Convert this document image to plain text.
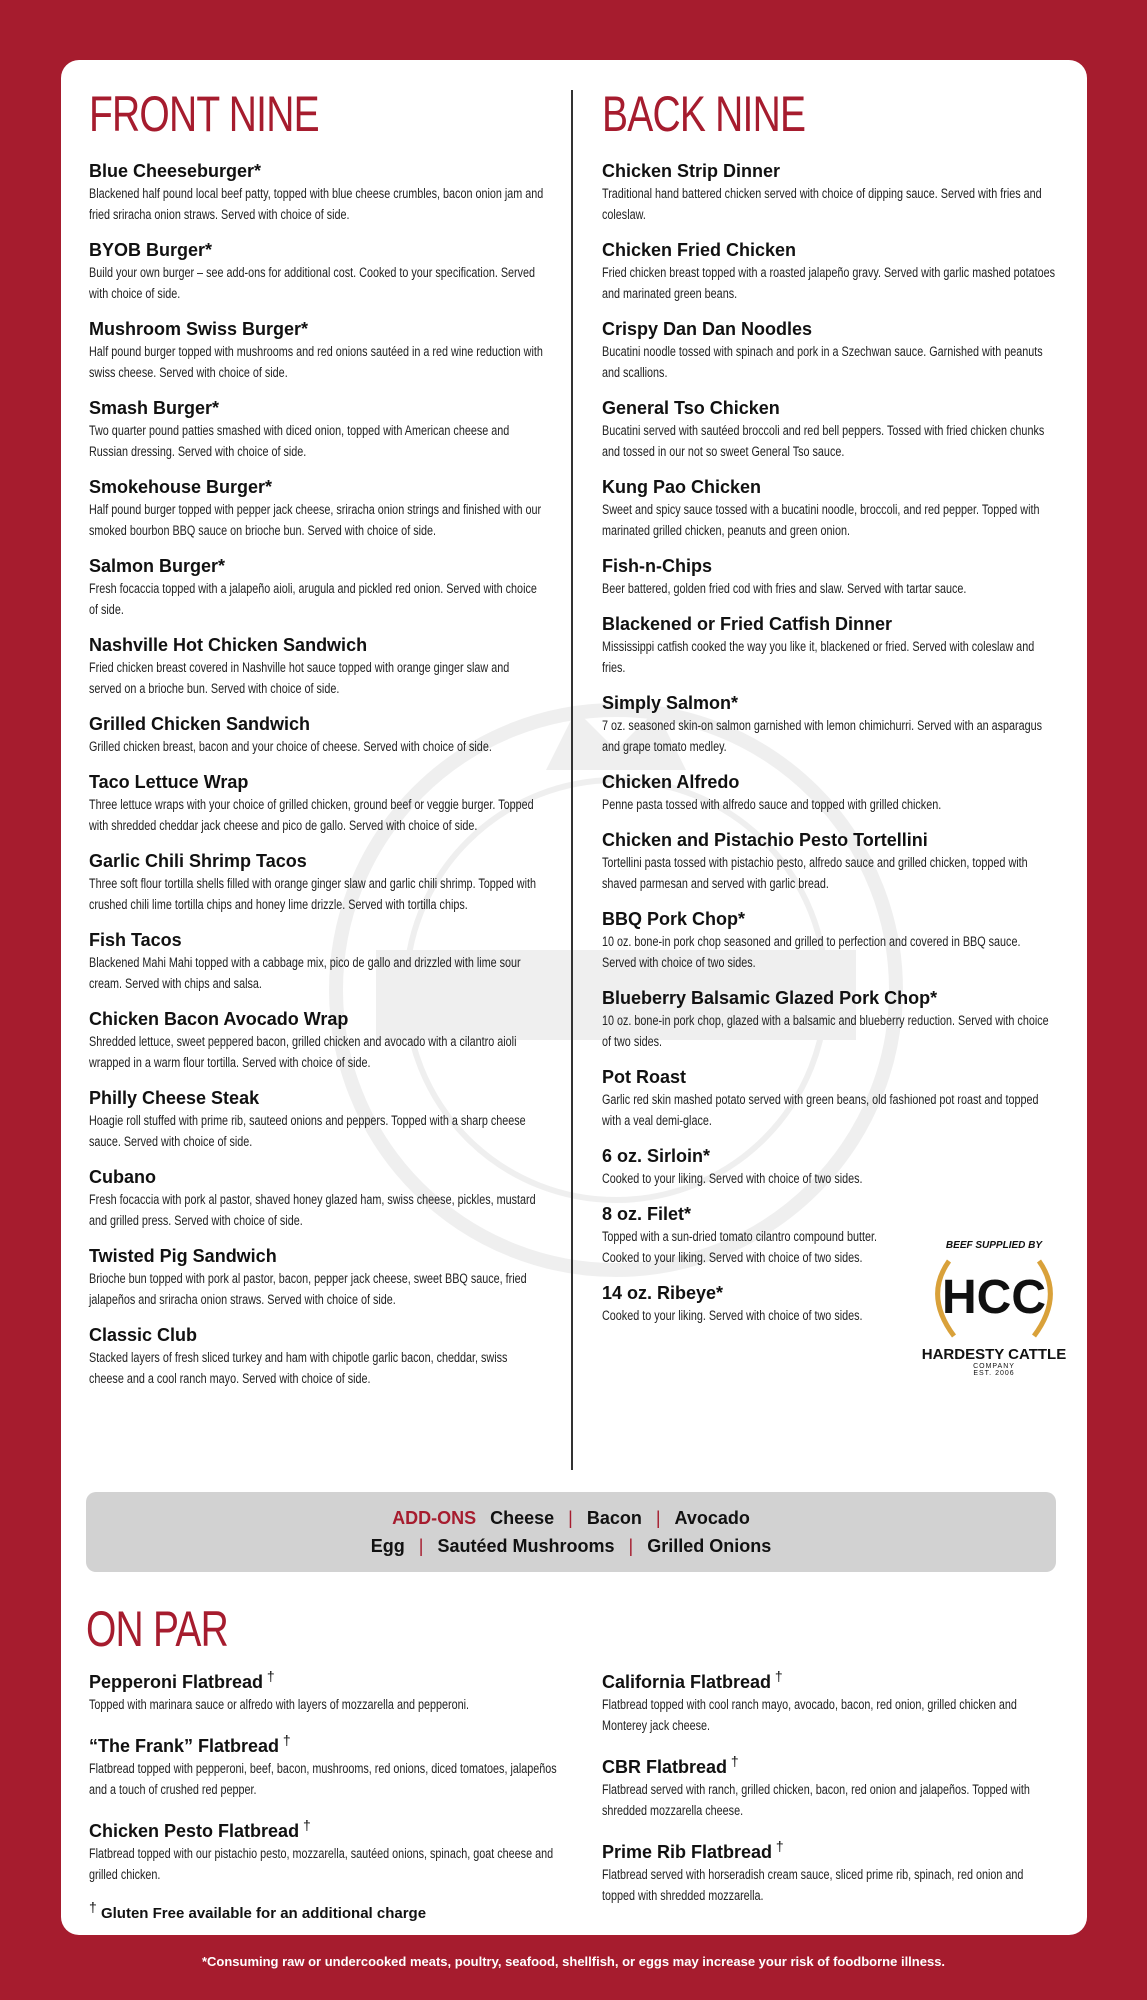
FRONT NINE
Blue Cheeseburger*
Blackened half pound local beef patty, topped with blue cheese crumbles, bacon onion jam and fried sriracha onion straws. Served with choice of side.
BYOB Burger*
Build your own burger – see add-ons for additional cost. Cooked to your specification. Served with choice of side.
Mushroom Swiss Burger*
Half pound burger topped with mushrooms and red onions sautéed in a red wine reduction with swiss cheese. Served with choice of side.
Smash Burger*
Two quarter pound patties smashed with diced onion, topped with American cheese and Russian dressing. Served with choice of side.
Smokehouse Burger*
Half pound burger topped with pepper jack cheese, sriracha onion strings and finished with our smoked bourbon BBQ sauce on brioche bun. Served with choice of side.
Salmon Burger*
Fresh focaccia topped with a jalapeño aioli, arugula and pickled red onion. Served with choice of side.
Nashville Hot Chicken Sandwich
Fried chicken breast covered in Nashville hot sauce topped with orange ginger slaw and served on a brioche bun. Served with choice of side.
Grilled Chicken Sandwich
Grilled chicken breast, bacon and your choice of cheese. Served with choice of side.
Taco Lettuce Wrap
Three lettuce wraps with your choice of grilled chicken, ground beef or veggie burger. Topped with shredded cheddar jack cheese and pico de gallo. Served with choice of side.
Garlic Chili Shrimp Tacos
Three soft flour tortilla shells filled with orange ginger slaw and garlic chili shrimp. Topped with crushed chili lime tortilla chips and honey lime drizzle. Served with tortilla chips.
Fish Tacos
Blackened Mahi Mahi topped with a cabbage mix, pico de gallo and drizzled with lime sour cream. Served with chips and salsa.
Chicken Bacon Avocado Wrap
Shredded lettuce, sweet peppered bacon, grilled chicken and avocado with a cilantro aioli wrapped in a warm flour tortilla. Served with choice of side.
Philly Cheese Steak
Hoagie roll stuffed with prime rib, sauteed onions and peppers. Topped with a sharp cheese sauce. Served with choice of side.
Cubano
Fresh focaccia with pork al pastor, shaved honey glazed ham, swiss cheese, pickles, mustard and grilled press. Served with choice of side.
Twisted Pig Sandwich
Brioche bun topped with pork al pastor, bacon, pepper jack cheese, sweet BBQ sauce, fried jalapeños and sriracha onion straws. Served with choice of side.
Classic Club
Stacked layers of fresh sliced turkey and ham with chipotle garlic bacon, cheddar, swiss cheese and a cool ranch mayo. Served with choice of side.
BACK NINE
Chicken Strip Dinner
Traditional hand battered chicken served with choice of dipping sauce. Served with fries and coleslaw.
Chicken Fried Chicken
Fried chicken breast topped with a roasted jalapeño gravy. Served with garlic mashed potatoes and marinated green beans.
Crispy Dan Dan Noodles
Bucatini noodle tossed with spinach and pork in a Szechwan sauce. Garnished with peanuts and scallions.
General Tso Chicken
Bucatini served with sautéed broccoli and red bell peppers. Tossed with fried chicken chunks and tossed in our not so sweet General Tso sauce.
Kung Pao Chicken
Sweet and spicy sauce tossed with a bucatini noodle, broccoli, and red pepper. Topped with marinated grilled chicken, peanuts and green onion.
Fish-n-Chips
Beer battered, golden fried cod with fries and slaw. Served with tartar sauce.
Blackened or Fried Catfish Dinner
Mississippi catfish cooked the way you like it, blackened or fried. Served with coleslaw and fries.
Simply Salmon*
7 oz. seasoned skin-on salmon garnished with lemon chimichurri. Served with an asparagus and grape tomato medley.
Chicken Alfredo
Penne pasta tossed with alfredo sauce and topped with grilled chicken.
Chicken and Pistachio Pesto Tortellini
Tortellini pasta tossed with pistachio pesto, alfredo sauce and grilled chicken, topped with shaved parmesan and served with garlic bread.
BBQ Pork Chop*
10 oz. bone-in pork chop seasoned and grilled to perfection and covered in BBQ sauce. Served with choice of two sides.
Blueberry Balsamic Glazed Pork Chop*
10 oz. bone-in pork chop, glazed with a balsamic and blueberry reduction. Served with choice of two sides.
Pot Roast
Garlic red skin mashed potato served with green beans, old fashioned pot roast and topped with a veal demi-glace.
6 oz. Sirloin*
Cooked to your liking. Served with choice of two sides.
8 oz. Filet*
Topped with a sun-dried tomato cilantro compound butter. Cooked to your liking. Served with choice of two sides.
14 oz. Ribeye*
Cooked to your liking. Served with choice of two sides.
BEEF SUPPLIED BY
HCC
HARDESTY CATTLE
COMPANY
EST. 2006
ADD-ONS Cheese | Bacon | Avocado
Egg | Sautéed Mushrooms | Grilled Onions
ON PAR
Pepperoni Flatbread †
Topped with marinara sauce or alfredo with layers of mozzarella and pepperoni.
“The Frank” Flatbread †
Flatbread topped with pepperoni, beef, bacon, mushrooms, red onions, diced tomatoes, jalapeños and a touch of crushed red pepper.
Chicken Pesto Flatbread †
Flatbread topped with our pistachio pesto, mozzarella, sautéed onions, spinach, goat cheese and grilled chicken.
† Gluten Free available for an additional charge
California Flatbread †
Flatbread topped with cool ranch mayo, avocado, bacon, red onion, grilled chicken and Monterey jack cheese.
CBR Flatbread †
Flatbread served with ranch, grilled chicken, bacon, red onion and jalapeños. Topped with shredded mozzarella cheese.
Prime Rib Flatbread †
Flatbread served with horseradish cream sauce, sliced prime rib, spinach, red onion and topped with shredded mozzarella.
*Consuming raw or undercooked meats, poultry, seafood, shellfish, or eggs may increase your risk of foodborne illness.
